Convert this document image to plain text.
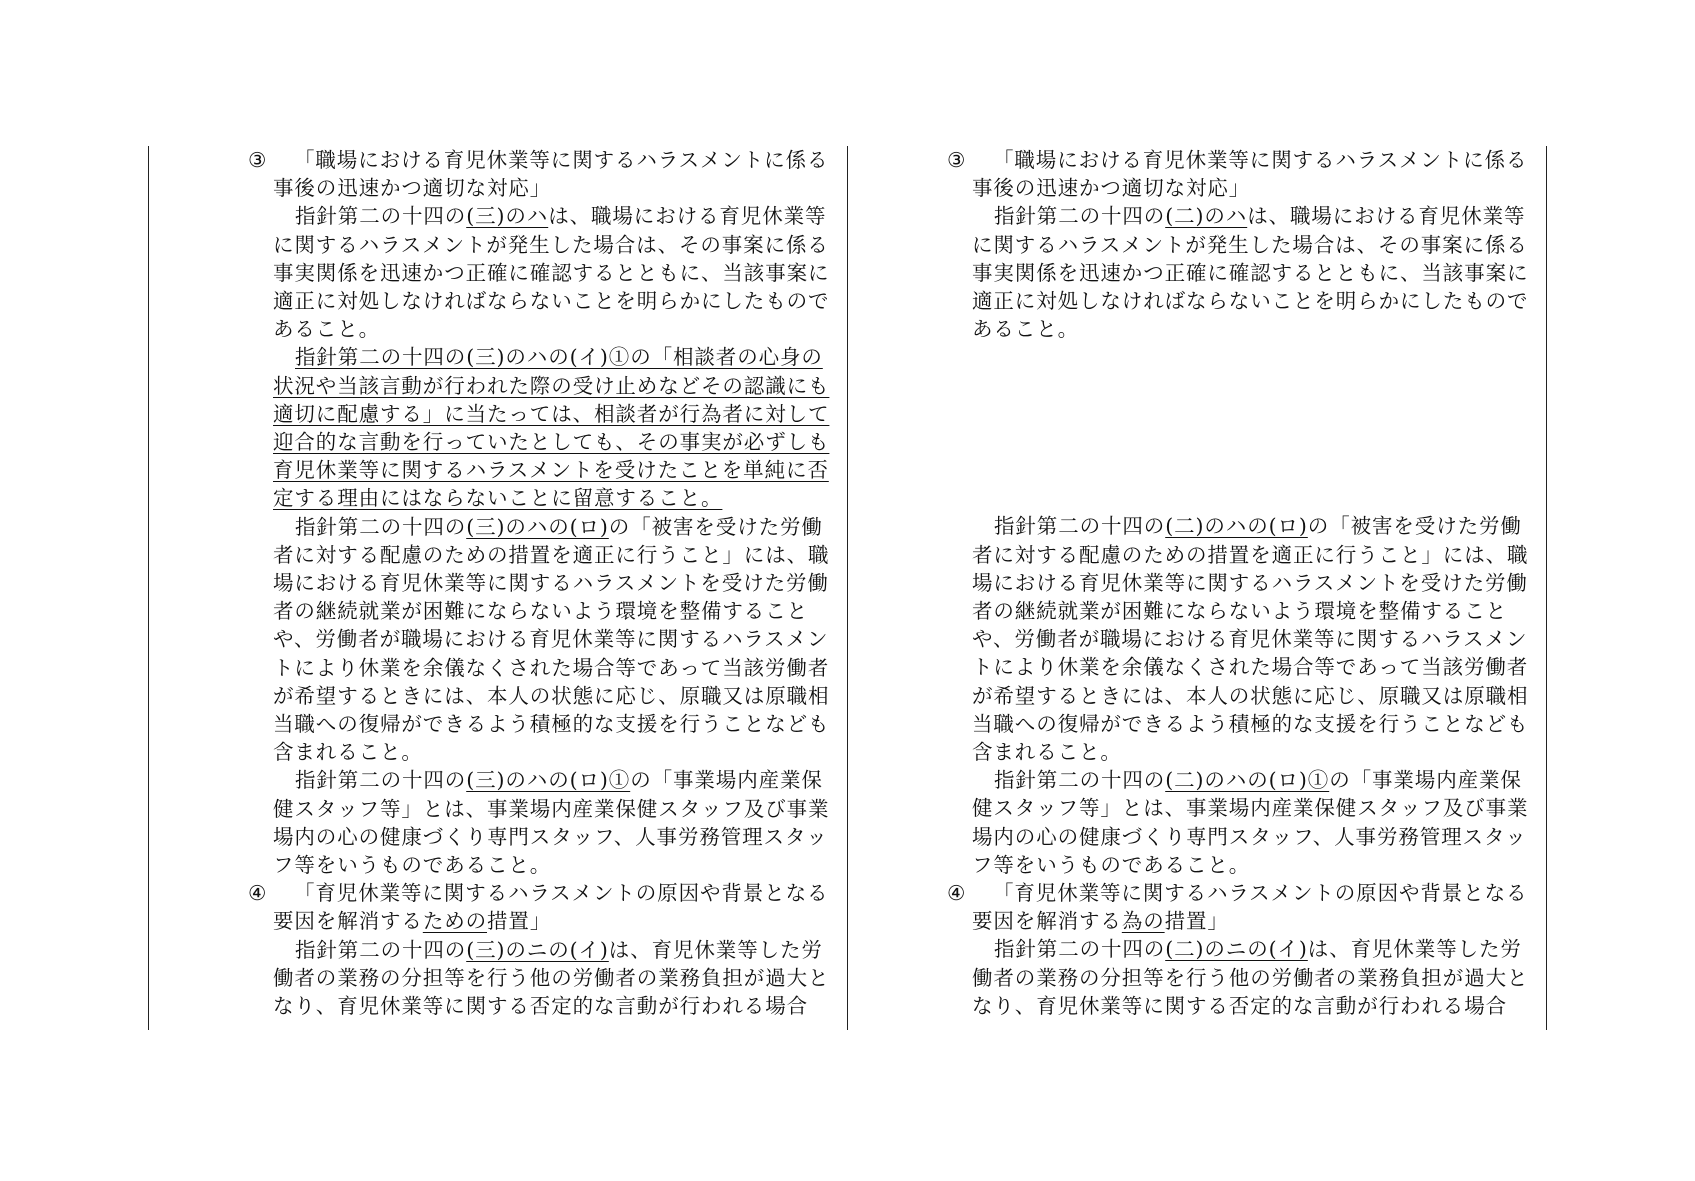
③ 「職場における育児休業等に関するハラスメントに係る

事後の迅速かつ適切な対応」

指針第二の十四の(三)のハは、職場における育児休業等に関するハラスメントが発生した場合は、その事案に係る事実関係を迅速かつ正確に確認するとともに、当該事案に適正に対処しなければならないことを明らかにしたものであること。

指針第二の十四の(三)のハの(イ)①の「相談者の心身の状況や当該言動が行われた際の受け止めなどその認識にも適切に配慮する」に当たっては、相談者が行為者に対して迎合的な言動を行っていたとしても、その事実が必ずしも育児休業等に関するハラスメントを受けたことを単純に否定する理由にはならないことに留意すること。

指針第二の十四の(三)のハの(ロ)の「被害を受けた労働者に対する配慮のための措置を適正に行うこと」には、職場における育児休業等に関するハラスメントを受けた労働者の継続就業が困難にならないよう環境を整備することや、労働者が職場における育児休業等に関するハラスメントにより休業を余儀なくされた場合等であって当該労働者が希望するときには、本人の状態に応じ、原職又は原職相当職への復帰ができるよう積極的な支援を行うことなども含まれること。

指針第二の十四の(三)のハの(ロ)①の「事業場内産業保健スタッフ等」とは、事業場内産業保健スタッフ及び事業場内の心の健康づくり専門スタッフ、人事労務管理スタッフ等をいうものであること。

④ 「育児休業等に関するハラスメントの原因や背景となる

要因を解消するための措置」

指針第二の十四の(三)のニの(イ)は、育児休業等した労働者の業務の分担等を行う他の労働者の業務負担が過大となり、育児休業等に関する否定的な言動が行われる場合

③ 「職場における育児休業等に関するハラスメントに係る

事後の迅速かつ適切な対応」

指針第二の十四の(二)のハは、職場における育児休業等に関するハラスメントが発生した場合は、その事案に係る事実関係を迅速かつ正確に確認するとともに、当該事案に適正に対処しなければならないことを明らかにしたものであること。

指針第二の十四の(二)のハの(ロ)の「被害を受けた労働者に対する配慮のための措置を適正に行うこと」には、職場における育児休業等に関するハラスメントを受けた労働者の継続就業が困難にならないよう環境を整備することや、労働者が職場における育児休業等に関するハラスメントにより休業を余儀なくされた場合等であって当該労働者が希望するときには、本人の状態に応じ、原職又は原職相当職への復帰ができるよう積極的な支援を行うことなども含まれること。

指針第二の十四の(二)のハの(ロ)①の「事業場内産業保健スタッフ等」とは、事業場内産業保健スタッフ及び事業場内の心の健康づくり専門スタッフ、人事労務管理スタッフ等をいうものであること。

④ 「育児休業等に関するハラスメントの原因や背景となる

要因を解消する為の措置」

指針第二の十四の(二)のニの(イ)は、育児休業等した労働者の業務の分担等を行う他の労働者の業務負担が過大となり、育児休業等に関する否定的な言動が行われる場合
